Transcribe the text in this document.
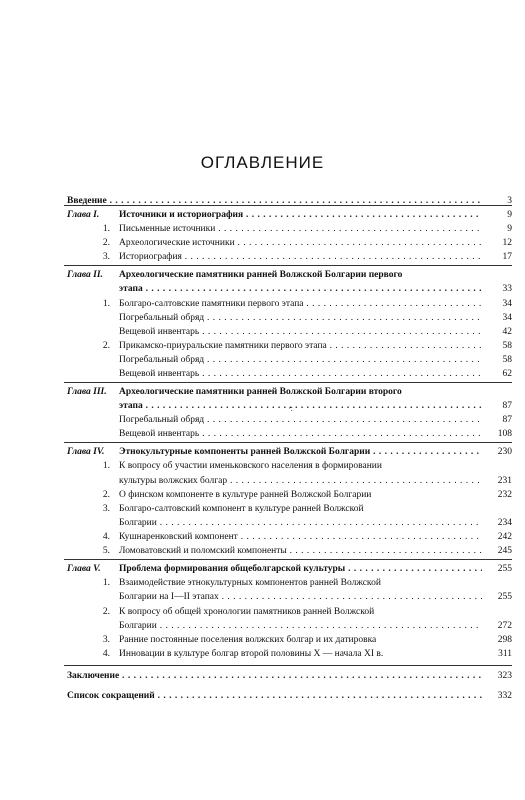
ОГЛАВЛЕНИЕ
Введение . . .	3
Глава I.	Источники и историография . . .	9
1. Письменные источники . . .	9
2. Археологические источники . . .	12
3. Историография . . .	17
Глава II.	Археологические памятники ранней Волжской Болгарии первого
этапа . . .	33
1. Болгаро-салтовские памятники первого этапа . . .	34
Погребальный обряд . . .	34
Вещевой инвентарь . . .	42
2. Прикамско-приуральские памятники первого этапа . . .	58
Погребальный обряд . . .	58
Вещевой инвентарь . . .	62
Глава III.	Археологические памятники ранней Волжской Болгарии второго
этапа . . .	87
Погребальный обряд . . .	87
Вещевой инвентарь . . .	108
Глава IV.	Этнокультурные компоненты ранней Волжской Болгарии . . .	230
1. К вопросу об участии именьковского населения в формировании
культуры волжских болгар . . .	231
2. О финском компоненте в культуре ранней Волжской Болгарии	232
3. Болгаро-салтовский компонент в культуре ранней Волжской
Болгарии . . .	234
4. Кушнаренковский компонент . . .	242
5. Ломоватовский и поломский компоненты . . .	245
Глава V.	Проблема формирования общеболгарской культуры . . .	255
1. Взаимодействие этнокультурных компонентов ранней Волжской
Болгарии на I—II этапах . . .	255
2. К вопросу об общей хронологии памятников ранней Волжской
Болгарии . . .	272
3. Ранние постоянные поселения волжских болгар и их датировка	298
4. Инновации в культуре болгар второй половины X — начала XI в.	311
Заключение . . .	323
Список сокращений . . .	332
·:
